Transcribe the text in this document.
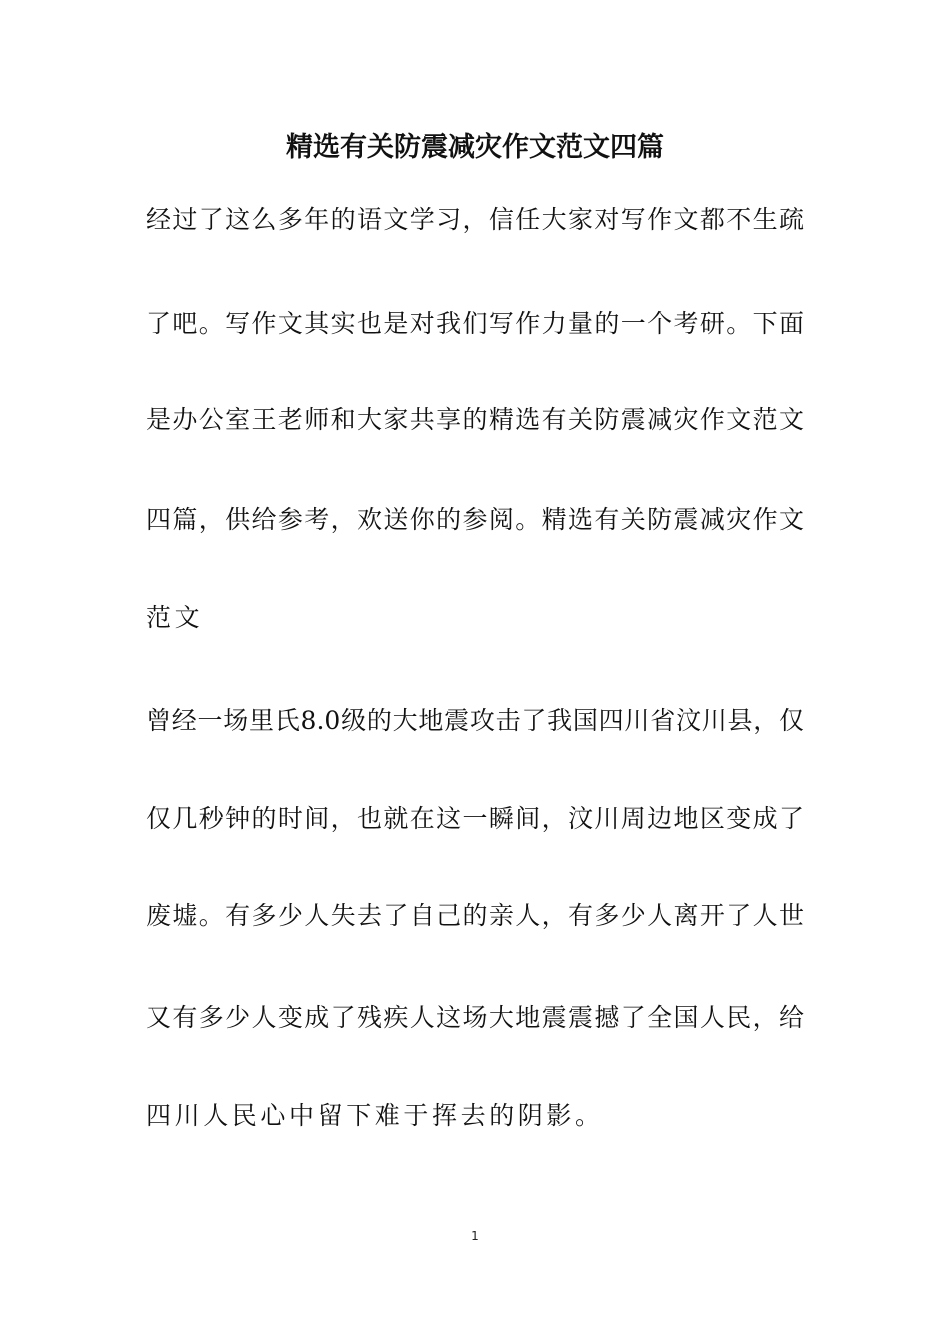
精选有关防震减灾作文范文四篇
经过了这么多年的语文学习，信任大家对写作文都不生疏
了吧。写作文其实也是对我们写作力量的一个考研。下面
是办公室王老师和大家共享的精选有关防震减灾作文范文
四篇，供给参考，欢送你的参阅。精选有关防震减灾作文
范文
曾经一场里氏8.0级的大地震攻击了我国四川省汶川县，仅
仅几秒钟的时间，也就在这一瞬间，汶川周边地区变成了
废墟。有多少人失去了自己的亲人，有多少人离开了人世
又有多少人变成了残疾人这场大地震震撼了全国人民，给
四川人民心中留下难于挥去的阴影。
1
